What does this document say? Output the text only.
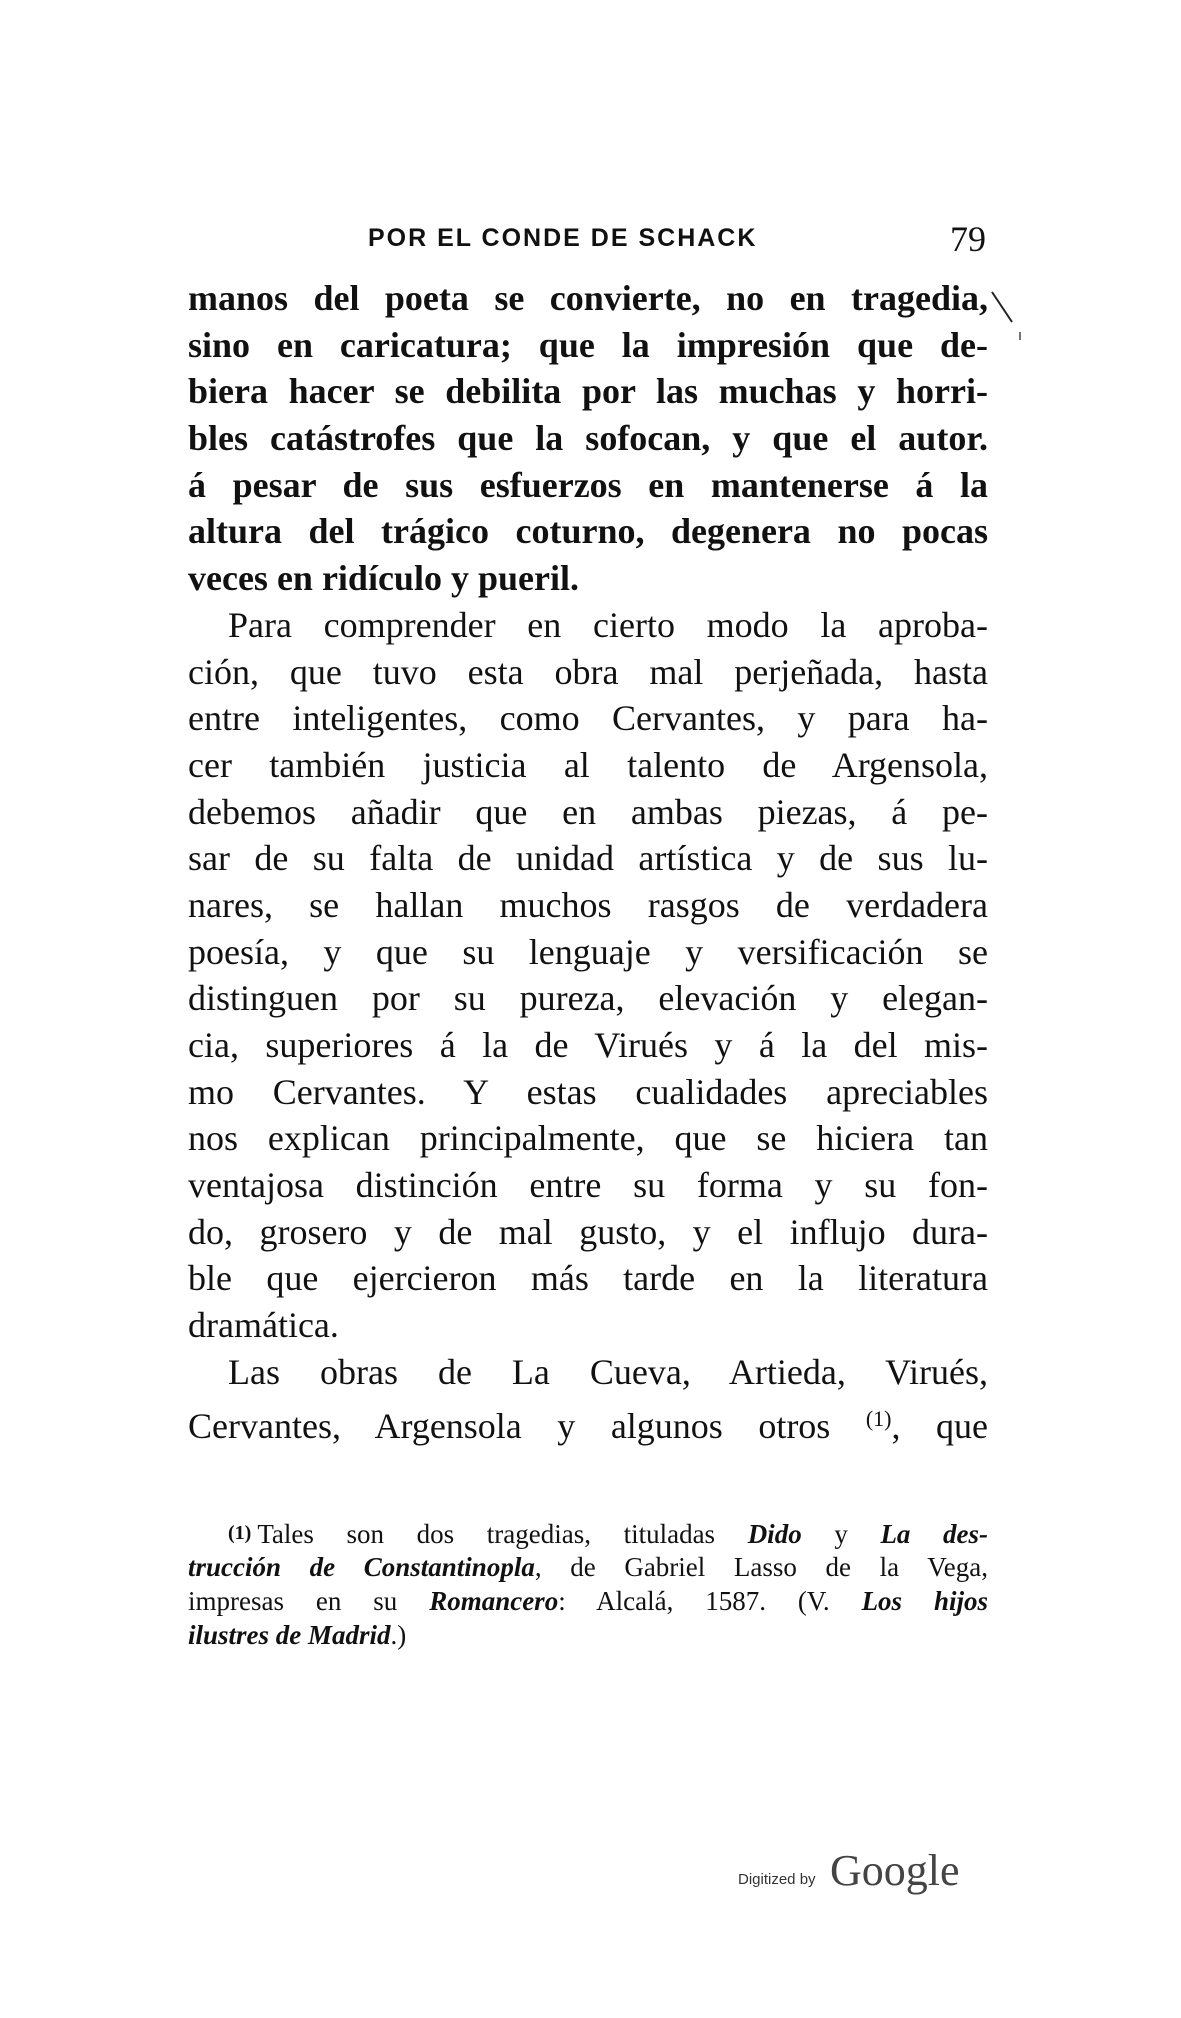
POR EL CONDE DE SCHACK	79
manos del poeta se convierte, no en tragedia,
sino en caricatura; que la impresión que de-
biera hacer se debilita por las muchas y horri-
bles catástrofes que la sofocan, y que el autor.
á pesar de sus esfuerzos en mantenerse á la
altura del trágico coturno, degenera no pocas
veces en ridículo y pueril.
Para comprender en cierto modo la aproba-
ción, que tuvo esta obra mal perjeñada, hasta
entre inteligentes, como Cervantes, y para ha-
cer también justicia al talento de Argensola,
debemos añadir que en ambas piezas, á pe-
sar de su falta de unidad artística y de sus lu-
nares, se hallan muchos rasgos de verdadera
poesía, y que su lenguaje y versificación se
distinguen por su pureza, elevación y elegan-
cia, superiores á la de Virués y á la del mis-
mo Cervantes. Y estas cualidades apreciables
nos explican principalmente, que se hiciera tan
ventajosa distinción entre su forma y su fon-
do, grosero y de mal gusto, y el influjo dura-
ble que ejercieron más tarde en la literatura
dramática.
Las obras de La Cueva, Artieda, Virués,
Cervantes, Argensola y algunos otros $^{(1)}$, que
(1) Tales son dos tragedias, tituladas Dido y La des-
trucción de Constantinopla, de Gabriel Lasso de la Vega,
impresas en su Romancero: Alcalá, 1587. (V. Los hijos
ilustres de Madrid.)
Digitized by Google
